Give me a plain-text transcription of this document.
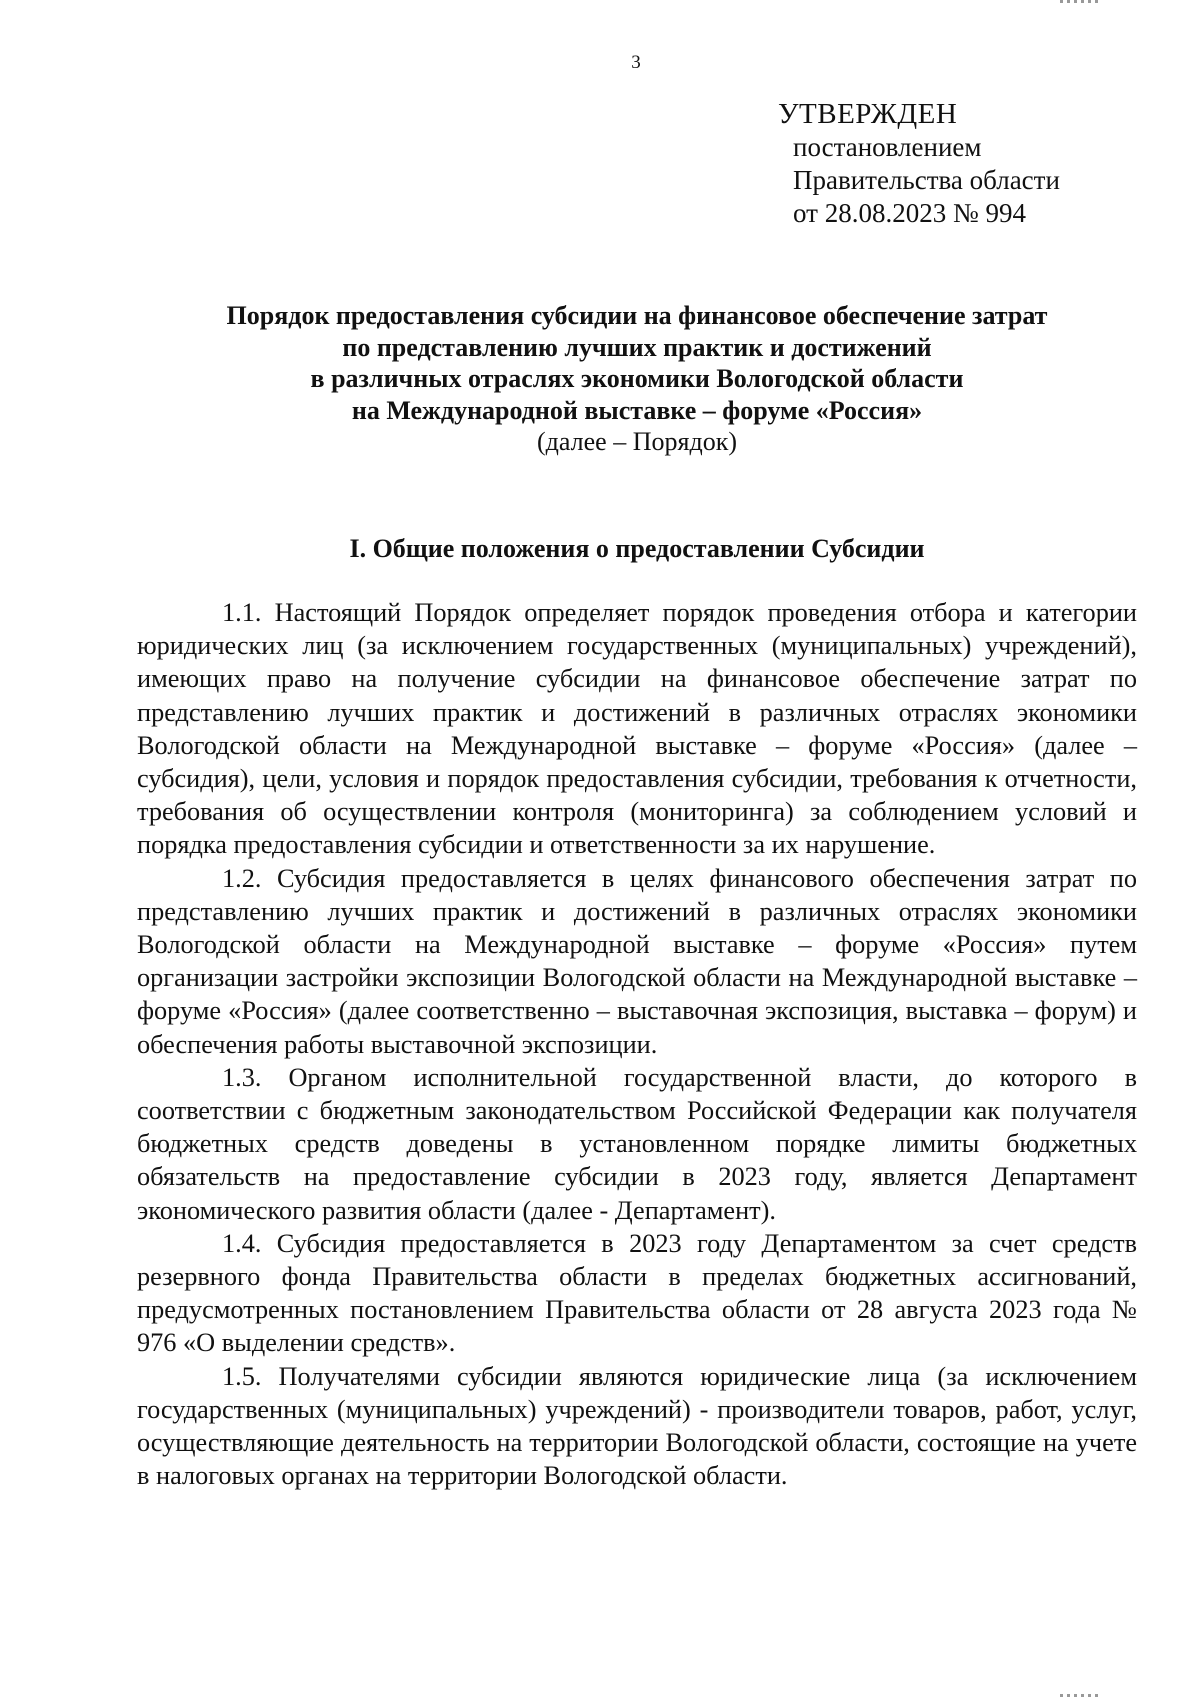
3
УТВЕРЖДЕН
постановлением
Правительства области
от 28.08.2023 № 994
Порядок предоставления субсидии на финансовое обеспечение затрат
по представлению лучших практик и достижений
в различных отраслях экономики Вологодской области
на Международной выставке – форуме «Россия»
(далее – Порядок)
I. Общие положения о предоставлении Субсидии

1.1. Настоящий Порядок определяет порядок проведения отбора и категории юридических лиц (за исключением государственных (муниципальных) учреждений), имеющих право на получение субсидии на финансовое обеспечение затрат по представлению лучших практик и достижений в различных отраслях экономики Вологодской области на Международной выставке – форуме «Россия» (далее – субсидия), цели, условия и порядок предоставления субсидии, требования к отчетности, требования об осуществлении контроля (мониторинга) за соблюдением условий и порядка предоставления субсидии и ответственности за их нарушение.

1.2. Субсидия предоставляется в целях финансового обеспечения затрат по представлению лучших практик и достижений в различных отраслях экономики Вологодской области на Международной выставке – форуме «Россия» путем организации застройки экспозиции Вологодской области на Международной выставке – форуме «Россия» (далее соответственно – выставочная экспозиция, выставка – форум) и обеспечения работы выставочной экспозиции.

1.3. Органом исполнительной государственной власти, до которого в соответствии с бюджетным законодательством Российской Федерации как получателя бюджетных средств доведены в установленном порядке лимиты бюджетных обязательств на предоставление субсидии в 2023 году, является Департамент экономического развития области (далее - Департамент).

1.4. Субсидия предоставляется в 2023 году Департаментом за счет средств резервного фонда Правительства области в пределах бюджетных ассигнований, предусмотренных постановлением Правительства области от 28 августа 2023 года № 976 «О выделении средств».

1.5. Получателями субсидии являются юридические лица (за исключением государственных (муниципальных) учреждений) - производители товаров, работ, услуг, осуществляющие деятельность на территории Вологодской области, состоящие на учете в налоговых органах на территории Вологодской области.
